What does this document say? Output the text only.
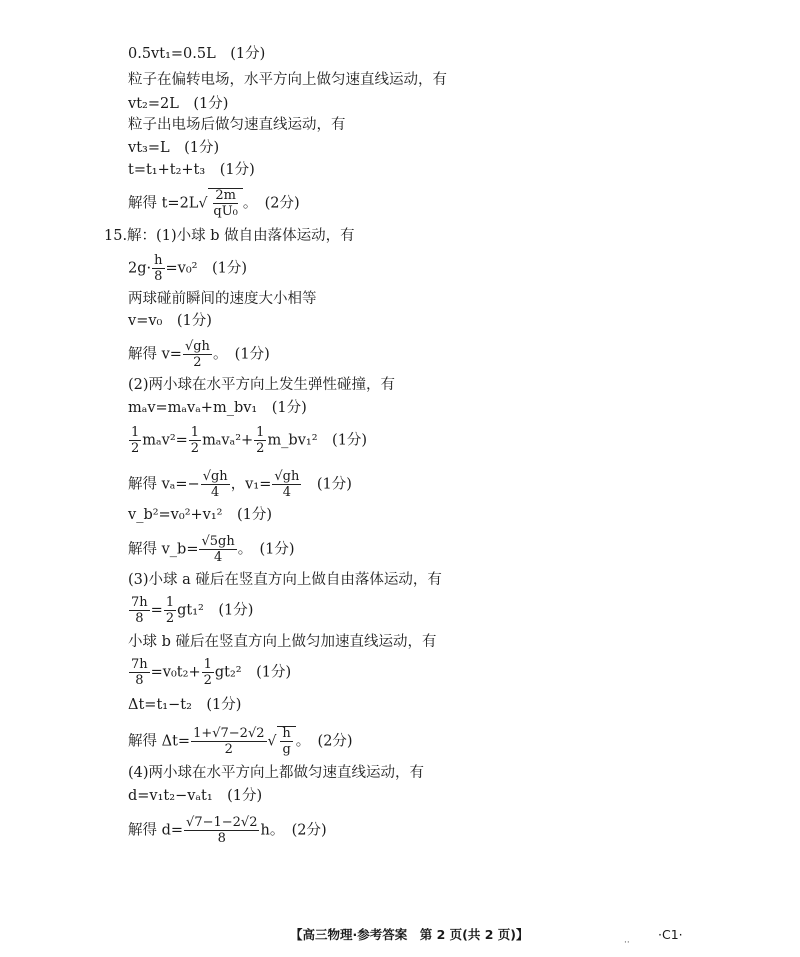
0.5vt₁=0.5L　(1分)
粒子在偏转电场，水平方向上做匀速直线运动，有
vt₂=2L　(1分)
粒子出电场后做匀速直线运动，有
vt₃=L　(1分)
t=t₁+t₂+t₃　(1分)
解得 $t=2L√ \frac{2m}{\text{qU₀}}$ 。　(2分)
15.解：(1)小球 b 做自由落体运动，有
$2g\cdot \frac{h}{8} =v_0^2$　(1分)
两球碰前瞬间的速度大小相等
v=v₀　(1分)
解得 $v= \frac{√gh}{2}$ 。　(1分)
(2)两小球在水平方向上发生弹性碰撞，有
mₐv=mₐvₐ+m_bv₁　(1分)
$\frac{1}{2} m_av^2= \frac{1}{2} m_av_a^2+ \frac{1}{2}$ m_bv₁²　(1分)
解得 $v_a=- \frac{√gh}{4}$ ，$v_1= \frac{√gh}{4}$ 　(1分)
v_b²=v₀²+v₁²　(1分)
解得 v_b= $\frac{√5gh}{4}$ 。　(1分)
(3)小球 a 碰后在竖直方向上做自由落体运动，有
$\frac{7h}{8} = \frac{1}{2} gt_1^2$　(1分)
小球 b 碰后在竖直方向上做匀加速直线运动，有
$\frac{7h}{8} =v_0t_2+ \frac{1}{2} gt_2^2$　(1分)
Δt=t₁−t₂　(1分)
解得 $\Delta t= \frac{1+√7-2√2}{2}$ √ $\frac{h}{g}$ 。　(2分)
(4)两小球在水平方向上都做匀速直线运动，有
d=v₁t₂−vₐt₁　(1分)
解得 $d= \frac{√7-1-2√2}{8}$ h。　(2分)
【高三物理·参考答案　第 2 页(共 2 页)】
··
·C1·
